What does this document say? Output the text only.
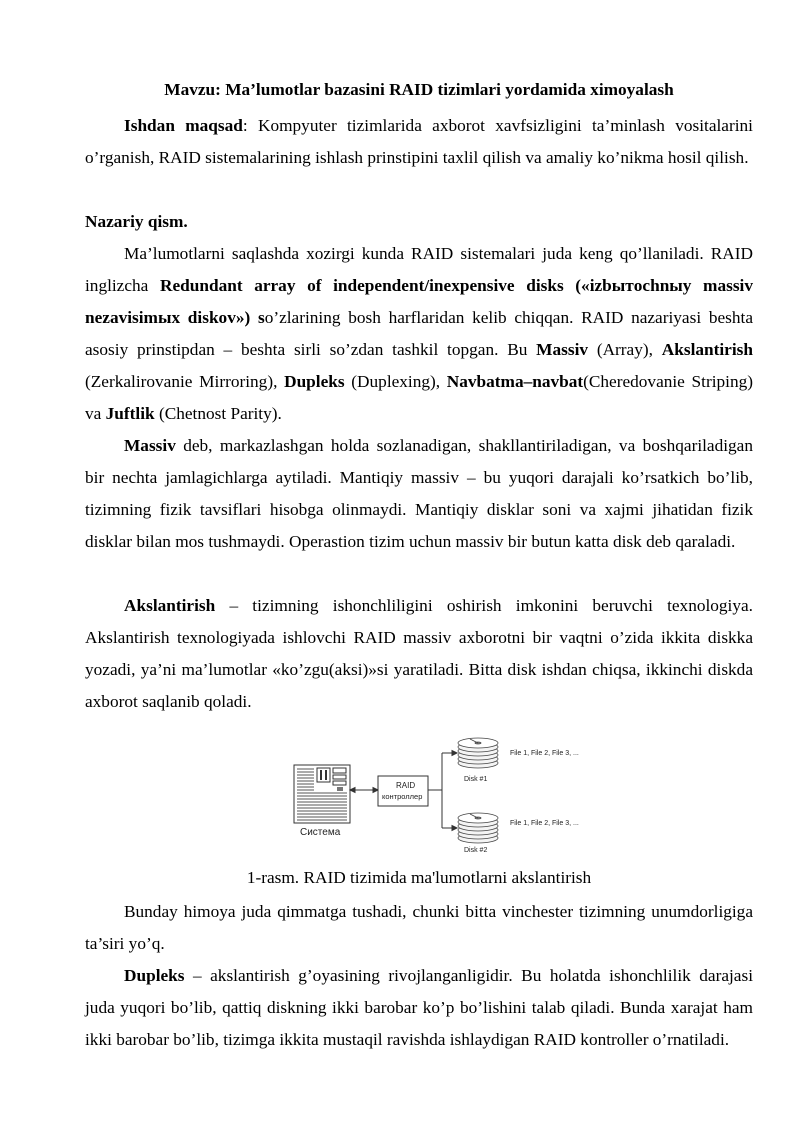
Mavzu: Ma’lumotlar bazasini RAID tizimlari yordamida ximoyalash

Ishdan maqsad: Kompyuter tizimlarida axborot xavfsizligini ta’minlash vositalarini o’rganish, RAID sistemalarining ishlash prinstipini taxlil qilish va amaliy ko’nikma hosil qilish.

Nazariy qism.

Ma’lumotlarni saqlashda xozirgi kunda RAID sistemalari juda keng qo’llaniladi. RAID inglizcha Redundant array of independent/inexpensive disks («izbытochnыy massiv nezavisimых diskov») so’zlarining bosh harflaridan kelib chiqqan. RAID nazariyasi beshta asosiy prinstipdan – beshta sirli so’zdan tashkil topgan. Bu Massiv (Array), Akslantirish (Zerkalirovanie Mirroring), Dupleks (Duplexing), Navbatma–navbat(Cheredovanie Striping) va Juftlik (Chetnost Parity).

Massiv deb, markazlashgan holda sozlanadigan, shakllantiriladigan, va boshqariladigan bir nechta jamlagichlarga aytiladi. Mantiqiy massiv – bu yuqori darajali ko’rsatkich bo’lib, tizimning fizik tavsiflari hisobga olinmaydi. Mantiqiy disklar soni va xajmi jihatidan fizik disklar bilan mos tushmaydi. Operastion tizim uchun massiv bir butun katta disk deb qaraladi.

Akslantirish – tizimning ishonchliligini oshirish imkonini beruvchi texnologiya. Akslantirish texnologiyada ishlovchi RAID massiv axborotni bir vaqtni o’zida ikkita diskka yozadi, ya’ni ma’lumotlar «ko’zgu(aksi)»si yaratiladi. Bitta disk ishdan chiqsa, ikkinchi diskda axborot saqlanib qoladi.

Система
RAID
контроллер
Disk #1
File 1, File 2, File 3, ...
Disk #2
File 1, File 2, File 3, ...
1-rasm. RAID tizimida ma'lumotlarni akslantirish

Bunday himoya juda qimmatga tushadi, chunki bitta vinchester tizimning unumdorligiga ta’siri yo’q.

Dupleks – akslantirish g’oyasining rivojlanganligidir. Bu holatda ishonchlilik darajasi juda yuqori bo’lib, qattiq diskning ikki barobar ko’p bo’lishini talab qiladi. Bunda xarajat ham ikki barobar bo’lib, tizimga ikkita mustaqil ravishda ishlaydigan RAID kontroller o’rnatiladi.
